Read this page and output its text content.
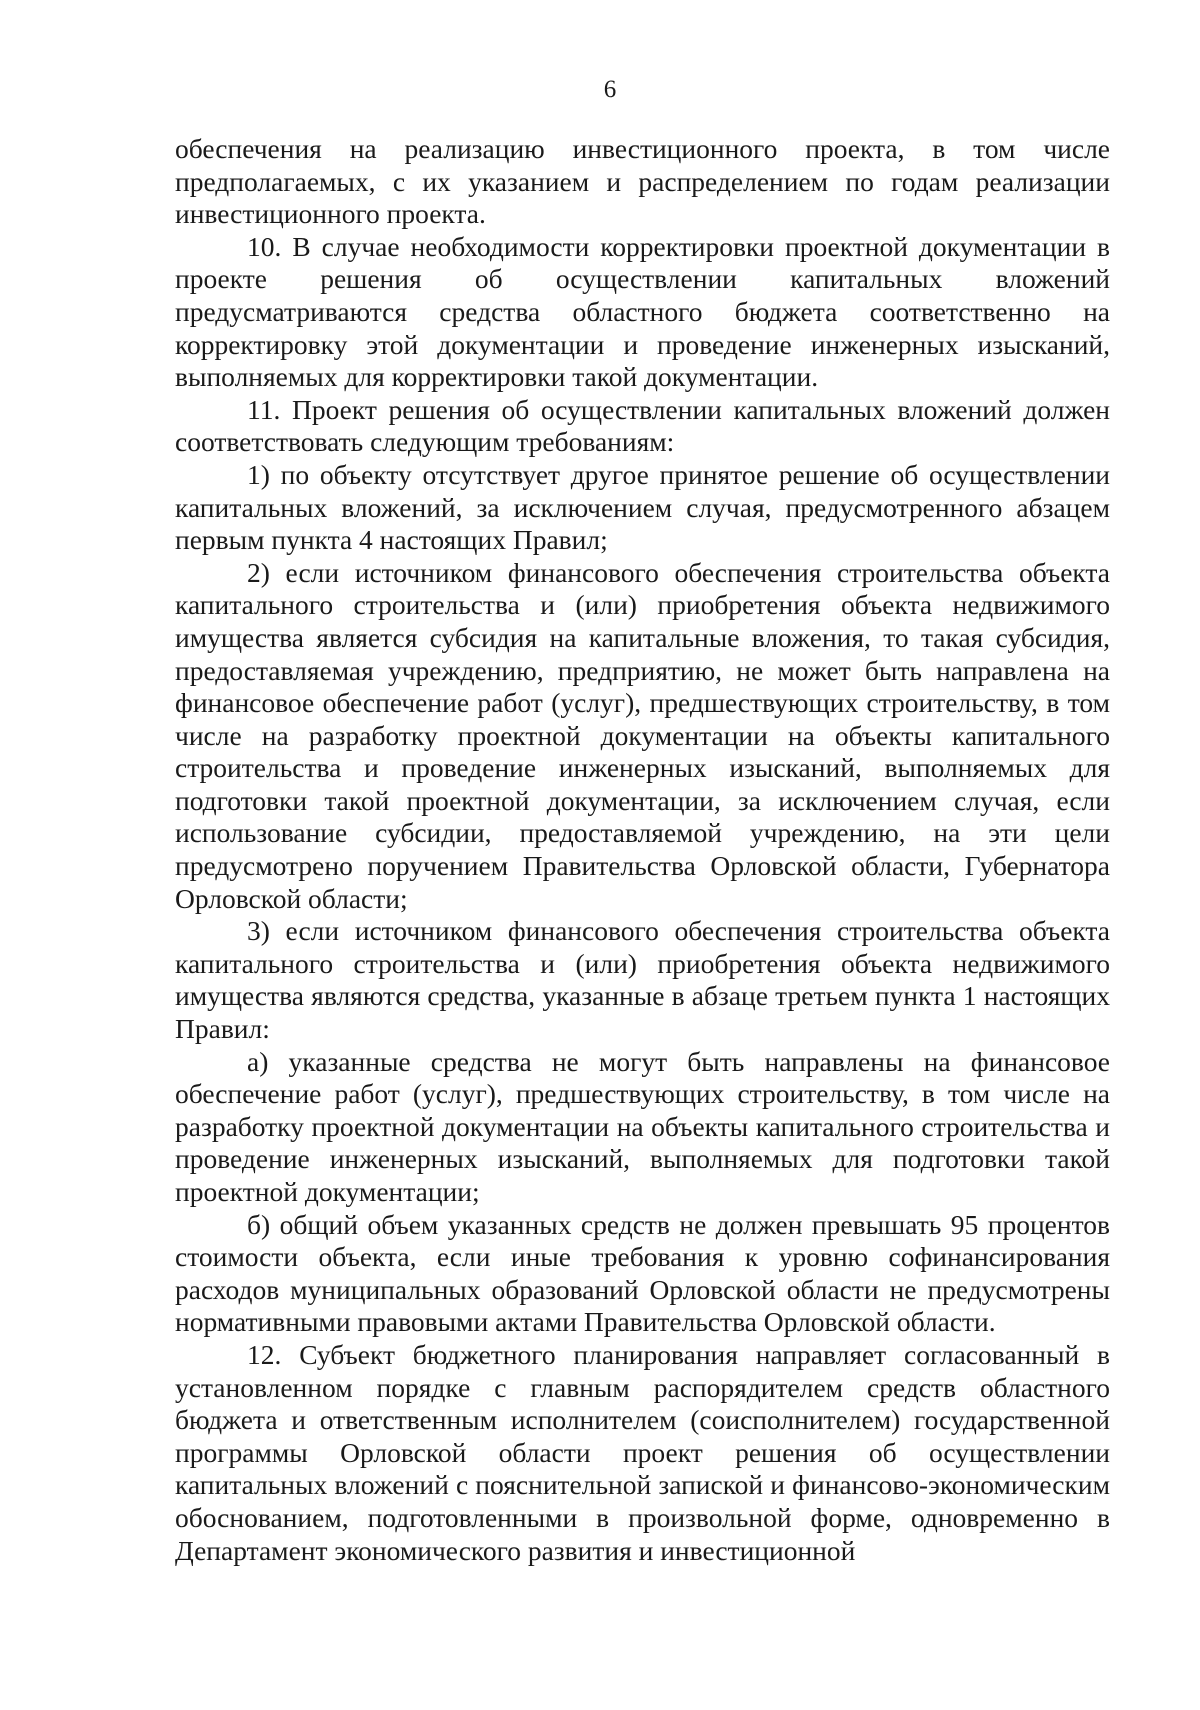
6

обеспечения на реализацию инвестиционного проекта, в том числе предполагаемых, с их указанием и распределением по годам реализации инвестиционного проекта.

10. В случае необходимости корректировки проектной документации в проекте решения об осуществлении капитальных вложений предусматриваются средства областного бюджета соответственно на корректировку этой документации и проведение инженерных изысканий, выполняемых для корректировки такой документации.

11. Проект решения об осуществлении капитальных вложений должен соответствовать следующим требованиям:

1) по объекту отсутствует другое принятое решение об осуществлении капитальных вложений, за исключением случая, предусмотренного абзацем первым пункта 4 настоящих Правил;

2) если источником финансового обеспечения строительства объекта капитального строительства и (или) приобретения объекта недвижимого имущества является субсидия на капитальные вложения, то такая субсидия, предоставляемая учреждению, предприятию, не может быть направлена на финансовое обеспечение работ (услуг), предшествующих строительству, в том числе на разработку проектной документации на объекты капитального строительства и проведение инженерных изысканий, выполняемых для подготовки такой проектной документации, за исключением случая, если использование субсидии, предоставляемой учреждению, на эти цели предусмотрено поручением Правительства Орловской области, Губернатора Орловской области;

3) если источником финансового обеспечения строительства объекта капитального строительства и (или) приобретения объекта недвижимого имущества являются средства, указанные в абзаце третьем пункта 1 настоящих Правил:

а) указанные средства не могут быть направлены на финансовое обеспечение работ (услуг), предшествующих строительству, в том числе на разработку проектной документации на объекты капитального строительства и проведение инженерных изысканий, выполняемых для подготовки такой проектной документации;

б) общий объем указанных средств не должен превышать 95 процентов стоимости объекта, если иные требования к уровню софинансирования расходов муниципальных образований Орловской области не предусмотрены нормативными правовыми актами Правительства Орловской области.

12. Субъект бюджетного планирования направляет согласованный в установленном порядке с главным распорядителем средств областного бюджета и ответственным исполнителем (соисполнителем) государственной программы Орловской области проект решения об осуществлении капитальных вложений с пояснительной запиской и финансово-экономическим обоснованием, подготовленными в произвольной форме, одновременно в Департамент экономического развития и инвестиционной
